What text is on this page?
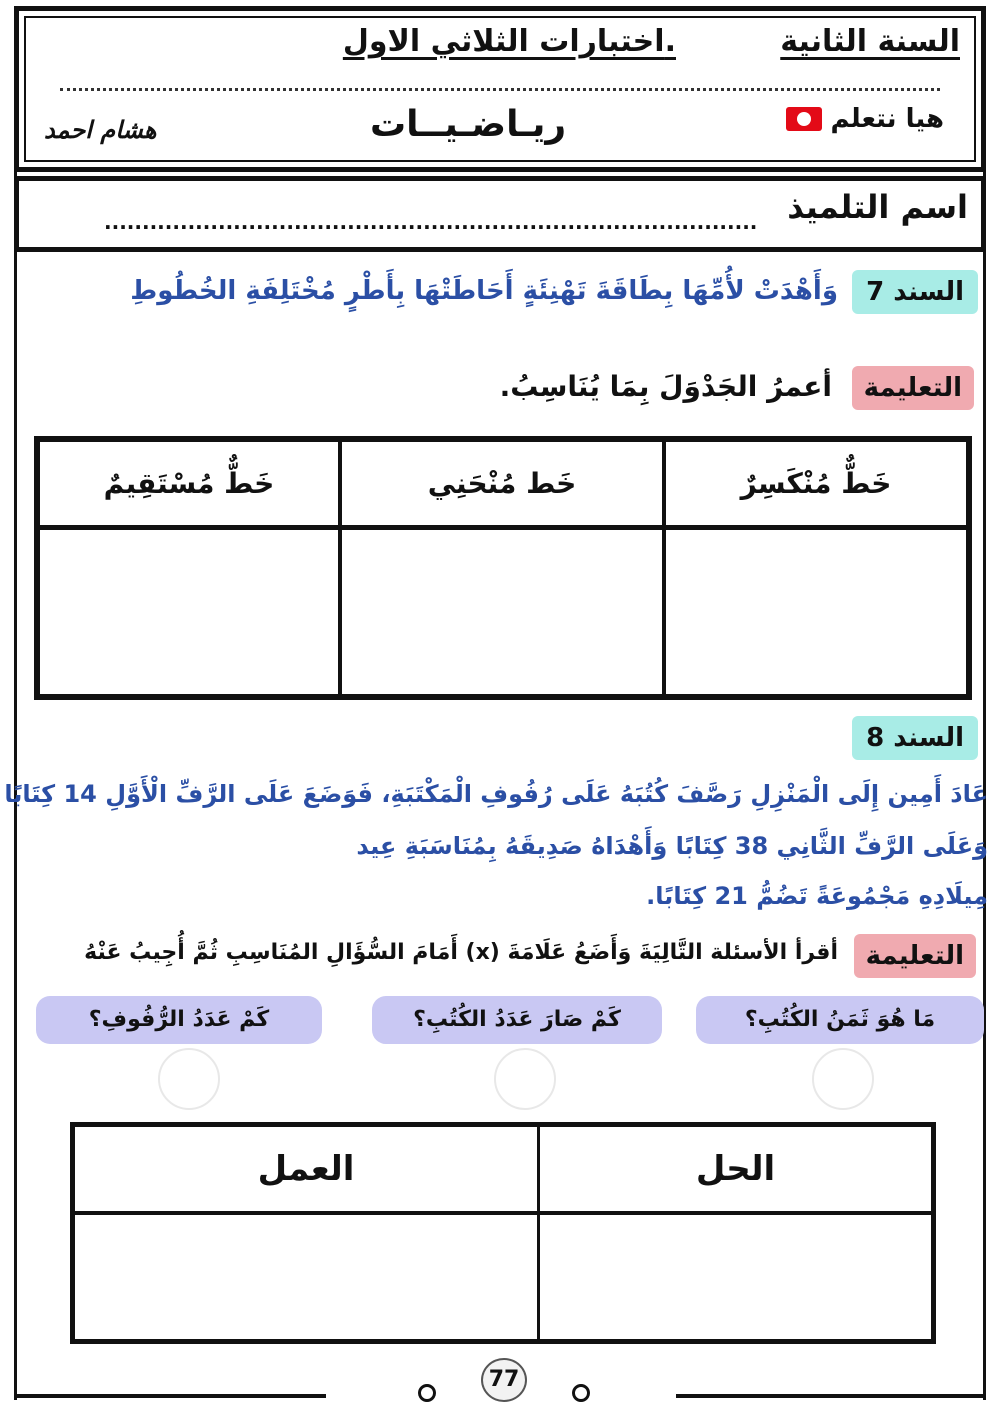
السنة الثانية
اختبارات الثلاثي الاول.
هيا نتعلم
ريـاضـيــات
هشام احمد
اسم التلميذ
......................................................................................
السند 7
وَأَهْدَتْ لأُمِّهَا بِطَاقَةَ تَهْنِئَةٍ أَحَاطَتْهَا بِأَطْرٍ مُخْتَلِفَةِ الخُطُوطِ
التعليمة
أعمرُ الجَدْوَلَ بِمَا يُنَاسِبُ.
خَطٌّ مُنْكَسِرٌ
خَط مُنْحَنِي
خَطٌّ مُسْتَقِيمٌ
السند 8
عَادَ أَمِين إِلَى الْمَنْزِلِ رَصَّفَ كُتُبَهُ عَلَى رُفُوفِ الْمَكْتَبَةِ، فَوَضَعَ عَلَى الرَّفِّ الْأَوَّلِ 14 كِتَابًا
وَعَلَى الرَّفِّ الثَّانِي 38 كِتَابًا وَأَهْدَاهُ صَدِيقَهُ بِمُنَاسَبَةِ عِيد
مِيلَادِهِ مَجْمُوعَةً تَضُمُّ 21 كِتَابًا.
التعليمة
أقرأ الأسئلة التَّالِيَةَ وَأَضَعُ عَلَامَةَ (x) أَمَامَ السُّؤَالِ المُنَاسِبِ ثُمَّ أُجِيبُ عَنْهُ
مَا هُوَ ثَمَنُ الكُتُبِ؟
كَمْ صَارَ عَدَدُ الكُتُبِ؟
كَمْ عَدَدُ الرُّفُوفِ؟
الحل
العمل
77
